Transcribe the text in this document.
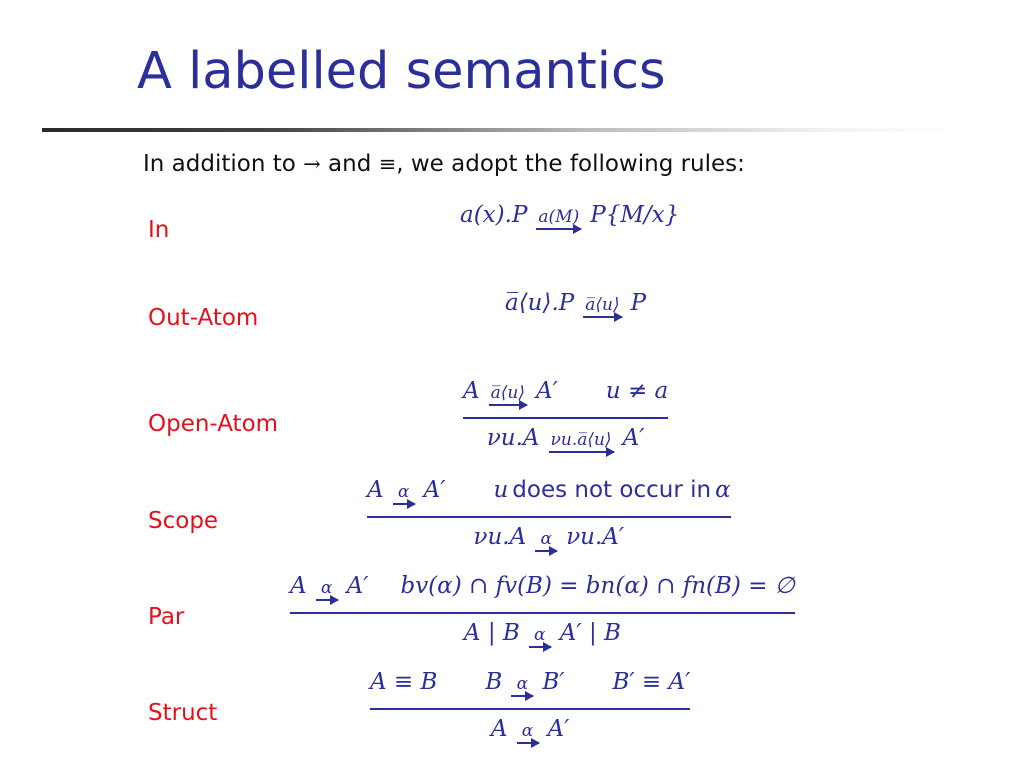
A labelled semantics
In addition to → and ≡, we adopt the following rules:
In
a(x).P a(M) P{M/x}
Out-Atom
a̅⟨u⟩.P a̅⟨u⟩ P
Open-Atom
A a̅⟨u⟩ A′ u ≠ a
νu.A νu.a̅⟨u⟩ A′
Scope
A α A′ u does not occur in α
νu.A α νu.A′
Par
A α A′ bv(α) ∩ fv(B) = bn(α) ∩ fn(B) = ∅
A | B α A′ | B
Struct
A ≡ B B α B′ B′ ≡ A′
A α A′
